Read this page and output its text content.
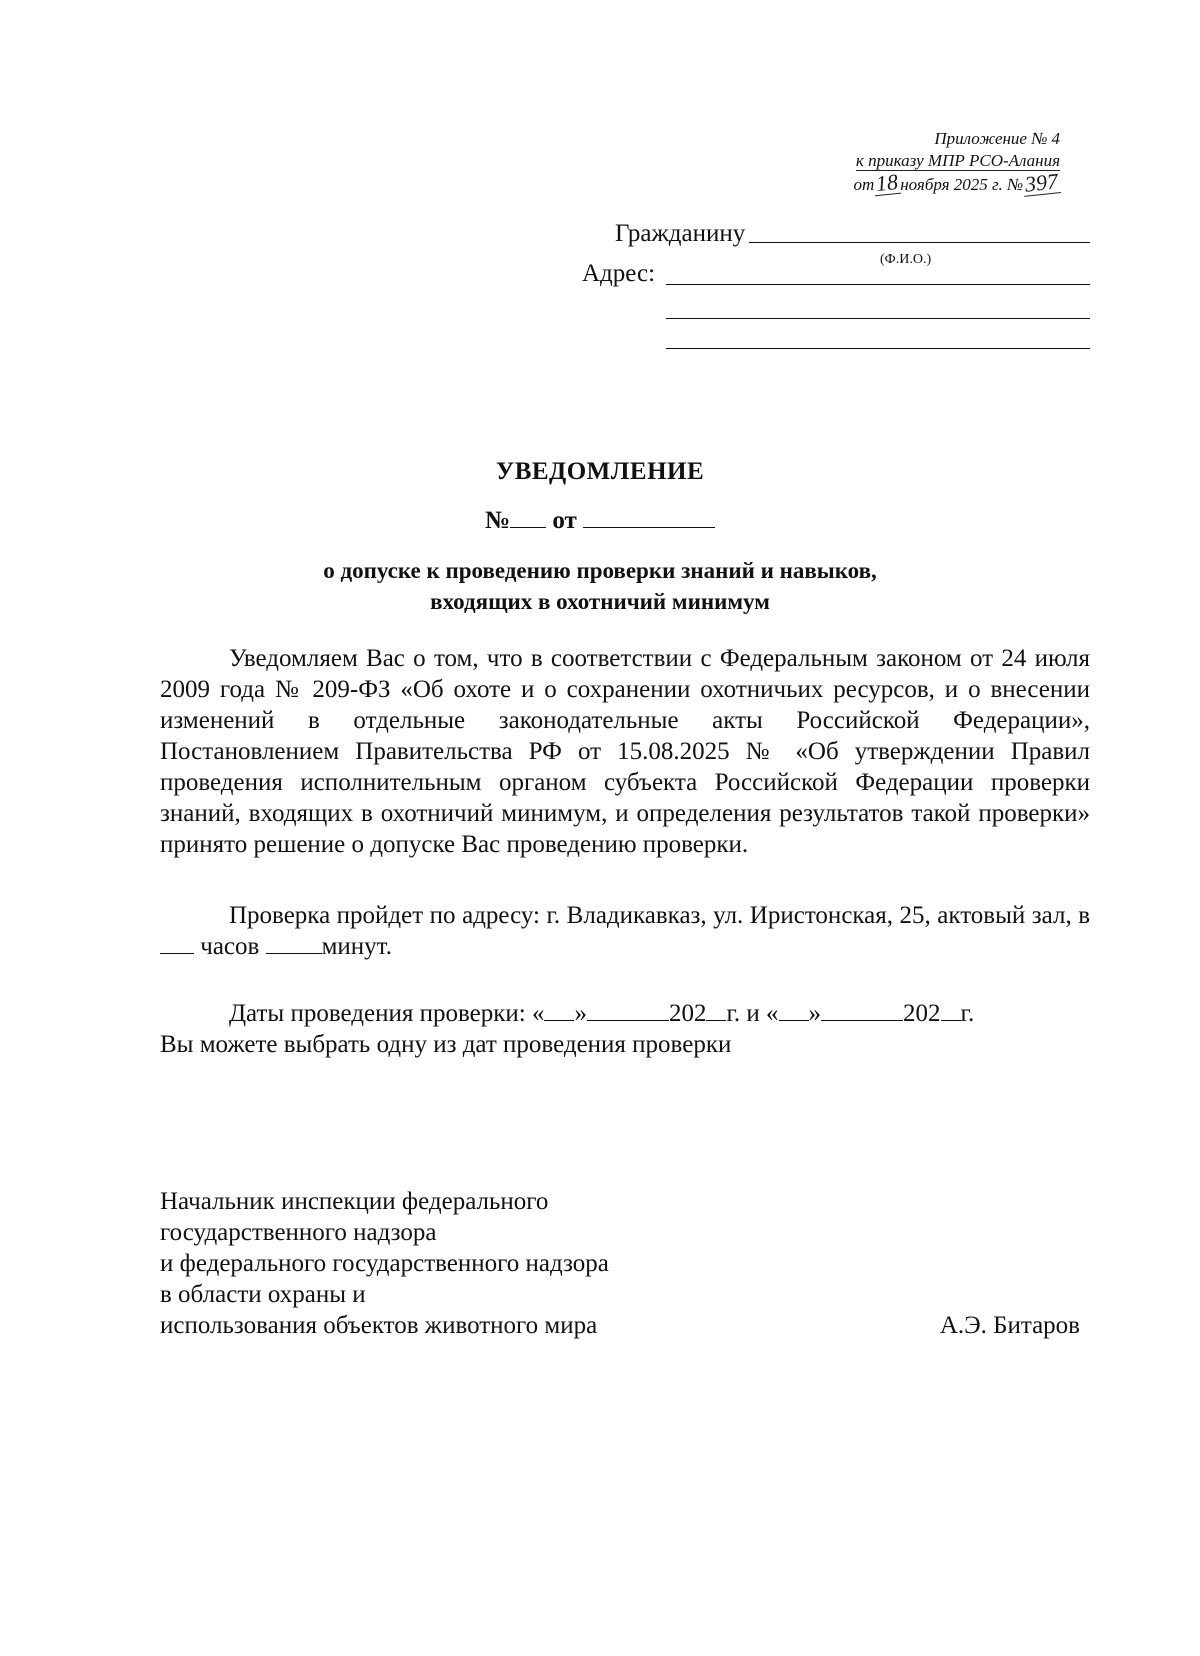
Приложение № 4
к приказу МПР РСО-Алания
от18ноября 2025 г. №397
Гражданину
(Ф.И.О.)
Адрес:
УВЕДОМЛЕНИЕ
№ от
о допуске к проведению проверки знаний и навыков,
входящих в охотничий минимум

Уведомляем Вас о том, что в соответствии с Федеральным законом от 24 июля 2009 года № 209-ФЗ «Об охоте и о сохранении охотничьих ресурсов, и о внесении изменений в отдельные законодательные акты Российской Федерации», Постановлением Правительства РФ от 15.08.2025 № «Об утверждении Правил проведения исполнительным органом субъекта Российской Федерации проверки знаний, входящих в охотничий минимум, и определения результатов такой проверки» принято решение о допуске Вас проведению проверки.

Проверка пройдет по адресу: г. Владикавказ, ул. Иристонская, 25, актовый зал, в  часов минут.

Даты проведения проверки: « »	202 г. и « »	202 г.

Вы можете выбрать одну из дат проведения проверки
Начальник инспекции федерального
государственного надзора
и федерального государственного надзора
в области охраны и
использования объектов животного мира	А.Э. Битаров
